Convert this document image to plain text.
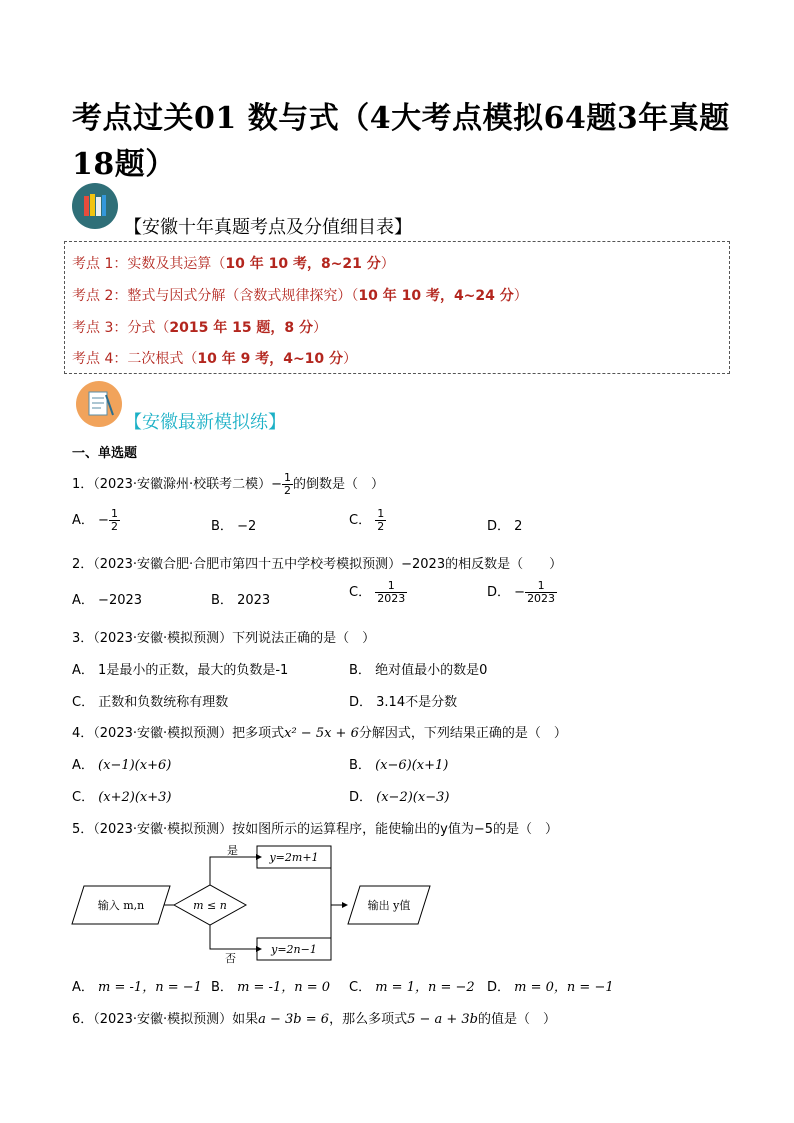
考点过关01 数与式（4大考点模拟64题3年真题18题）
【安徽十年真题考点及分值细目表】
考点 1：实数及其运算（10 年 10 考，8~21 分）
考点 2：整式与因式分解（含数式规律探究）（10 年 10 考，4~24 分）
考点 3：分式（2015 年 15 题，8 分）
考点 4：二次根式（10 年 9 考，4~10 分）
【安徽最新模拟练】
一、单选题
1．（2023·安徽滁州·校联考二模）− $\frac{1}{2}$ 的倒数是（　）
A． − $\frac{1}{2}$	B． −2	C． $\frac{1}{2}$	D． 2
2．（2023·安徽合肥·合肥市第四十五中学校考模拟预测）−2023的相反数是（　　）
A． −2023	B． 2023
C． $\frac{1}{2023}$	D． − $\frac{1}{2023}$
3．（2023·安徽·模拟预测）下列说法正确的是（　）
A． 1是最小的正数，最大的负数是-1	B． 绝对值最小的数是0
C． 正数和负数统称有理数	D． 3.14不是分数
4．（2023·安徽·模拟预测）把多项式x² − 5x + 6分解因式，下列结果正确的是（　）
A． (x−1)(x+6)	B． (x−6)(x+1)
C． (x+2)(x+3)	D． (x−2)(x−3)
5．（2023·安徽·模拟预测）按如图所示的运算程序，能使输出的y值为−5的是（　）
输入 m,n	m ≤ n
是
y=2m+1
否
y=2n−1
输出 y值
A． m = -1，n = −1 B． m = -1，n = 0 C． m = 1，n = −2 D． m = 0，n = −1
6．（2023·安徽·模拟预测）如果a − 3b = 6，那么多项式5 − a + 3b的值是（　）
